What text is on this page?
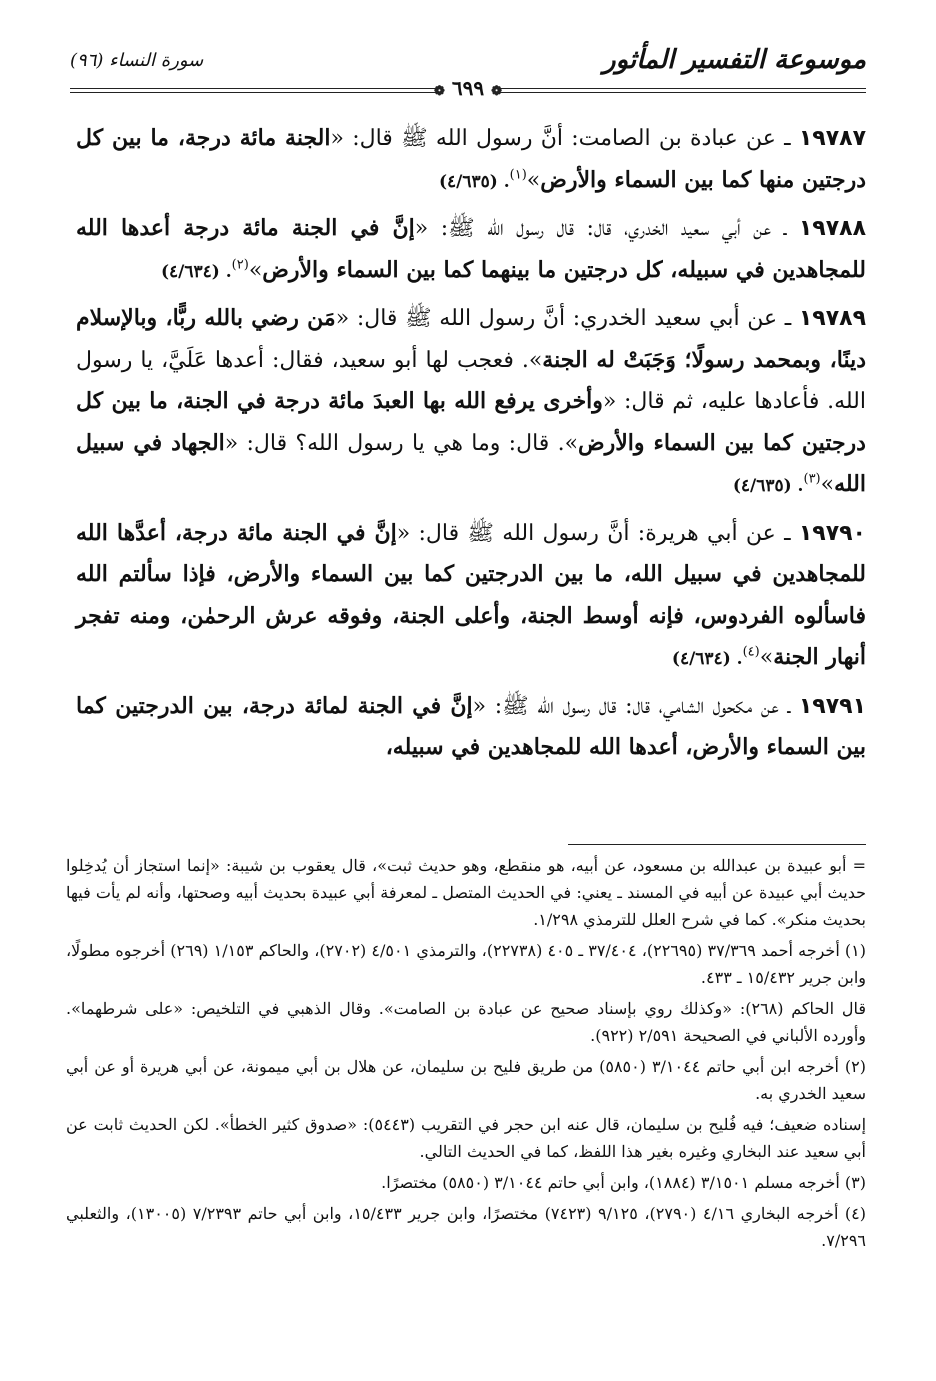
موسوعة التفسير المأثور
سورة النساء (٩٦)
❁ ٦٩٩ ❁

١٩٧٨٧ ـ عن عبادة بن الصامت: أنَّ رسول الله ﷺ قال: «الجنة مائة درجة، ما بين كل درجتين منها كما بين السماء والأرض»$^{(١)}$. (٤/٦٣٥)

١٩٧٨٨ ـ عن أبي سعيد الخدري، قال: قال رسول الله ﷺ: «إنَّ في الجنة مائة درجة أعدها الله للمجاهدين في سبيله، كل درجتين ما بينهما كما بين السماء والأرض»$^{(٢)}$. (٤/٦٣٤)

١٩٧٨٩ ـ عن أبي سعيد الخدري: أنَّ رسول الله ﷺ قال: «مَن رضي بالله ربًّا، وبالإسلام دينًا، وبمحمد رسولًا؛ وَجَبَتْ له الجنة». فعجب لها أبو سعيد، فقال: أعدها عَلَيَّ، يا رسول الله. فأعادها عليه، ثم قال: «وأخرى يرفع الله بها العبدَ مائة درجة في الجنة، ما بين كل درجتين كما بين السماء والأرض». قال: وما هي يا رسول الله؟ قال: «الجهاد في سبيل الله»$^{(٣)}$. (٤/٦٣٥)

١٩٧٩٠ ـ عن أبي هريرة: أنَّ رسول الله ﷺ قال: «إنَّ في الجنة مائة درجة، أعدَّها الله للمجاهدين في سبيل الله، ما بين الدرجتين كما بين السماء والأرض، فإذا سألتم الله فاسألوه الفردوس، فإنه أوسط الجنة، وأعلى الجنة، وفوقه عرش الرحمٰن، ومنه تفجر أنهار الجنة»$^{(٤)}$. (٤/٦٣٤)

١٩٧٩١ ـ عن مكحول الشامي، قال: قال رسول الله ﷺ: «إنَّ في الجنة لمائة درجة، بين الدرجتين كما بين السماء والأرض، أعدها الله للمجاهدين في سبيله،

= أبو عبيدة بن عبدالله بن مسعود، عن أبيه، هو منقطع، وهو حديث ثبت»، قال يعقوب بن شيبة: «إنما استجاز أن يُدخِلوا حديث أبي عبيدة عن أبيه في المسند ـ يعني: في الحديث المتصل ـ لمعرفة أبي عبيدة بحديث أبيه وصحتها، وأنه لم يأت فيها بحديث منكر». كما في شرح العلل للترمذي ١/٢٩٨.

(١) أخرجه أحمد ٣٧/٣٦٩ (٢٢٦٩٥)، ٣٧/٤٠٤ ـ ٤٠٥ (٢٢٧٣٨)، والترمذي ٤/٥٠١ (٢٧٠٢)، والحاكم ١/١٥٣ (٢٦٩) أخرجوه مطولًا، وابن جرير ١٥/٤٣٢ ـ ٤٣٣.

قال الحاكم (٢٦٨): «وكذلك روي بإسناد صحيح عن عبادة بن الصامت». وقال الذهبي في التلخيص: «على شرطهما». وأورده الألباني في الصحيحة ٢/٥٩١ (٩٢٢).

(٢) أخرجه ابن أبي حاتم ٣/١٠٤٤ (٥٨٥٠) من طريق فليح بن سليمان، عن هلال بن أبي ميمونة، عن أبي هريرة أو عن أبي سعيد الخدري به.

إسناده ضعيف؛ فيه فُليح بن سليمان، قال عنه ابن حجر في التقريب (٥٤٤٣): «صدوق كثير الخطأ». لكن الحديث ثابت عن أبي سعيد عند البخاري وغيره بغير هذا اللفظ، كما في الحديث التالي.

(٣) أخرجه مسلم ٣/١٥٠١ (١٨٨٤)، وابن أبي حاتم ٣/١٠٤٤ (٥٨٥٠) مختصرًا.

(٤) أخرجه البخاري ٤/١٦ (٢٧٩٠)، ٩/١٢٥ (٧٤٢٣) مختصرًا، وابن جرير ١٥/٤٣٣، وابن أبي حاتم ٧/٢٣٩٣ (١٣٠٠٥)، والثعلبي ٧/٢٩٦.
